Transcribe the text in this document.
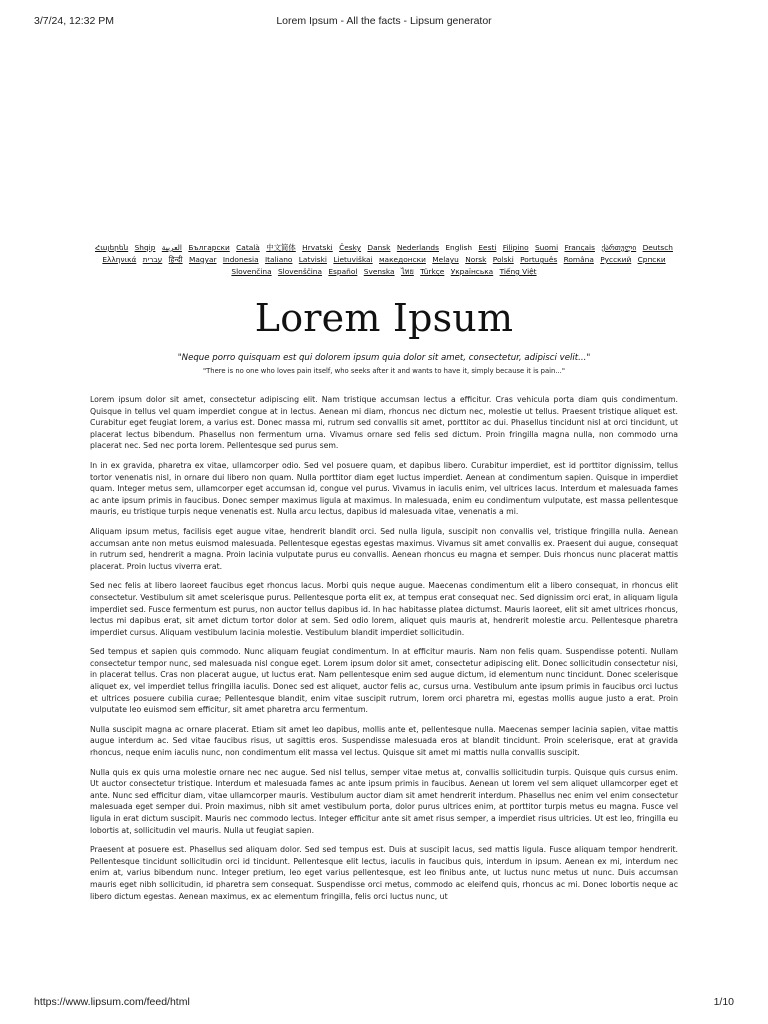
3/7/24, 12:32 PM	Lorem Ipsum - All the facts - Lipsum generator
Հայերեն Shqip العربية Български Català 中文简体 Hrvatski Česky Dansk Nederlands English Eesti Filipino Suomi Français ქართული Deutsch Ελληνικά עברית हिन्दी Magyar Indonesia Italiano Latviski Lietuviškai македонски Melayu Norsk Polski Português Româna Pyccкий Српски Slovenčina Slovenščina Español Svenska ไทย Türkçe Українська Tiếng Việt
Lorem Ipsum
"Neque porro quisquam est qui dolorem ipsum quia dolor sit amet, consectetur, adipisci velit..."
"There is no one who loves pain itself, who seeks after it and wants to have it, simply because it is pain..."

Lorem ipsum dolor sit amet, consectetur adipiscing elit. Nam tristique accumsan lectus a efficitur. Cras vehicula porta diam quis condimentum. Quisque in tellus vel quam imperdiet congue at in lectus. Aenean mi diam, rhoncus nec dictum nec, molestie ut tellus. Praesent tristique aliquet est. Curabitur eget feugiat lorem, a varius est. Donec massa mi, rutrum sed convallis sit amet, porttitor ac dui. Phasellus tincidunt nisl at orci tincidunt, ut placerat lectus bibendum. Phasellus non fermentum urna. Vivamus ornare sed felis sed dictum. Proin fringilla magna nulla, non commodo urna placerat nec. Sed nec porta lorem. Pellentesque sed purus sem.

In in ex gravida, pharetra ex vitae, ullamcorper odio. Sed vel posuere quam, et dapibus libero. Curabitur imperdiet, est id porttitor dignissim, tellus tortor venenatis nisl, in ornare dui libero non quam. Nulla porttitor diam eget luctus imperdiet. Aenean at condimentum sapien. Quisque in imperdiet quam. Integer metus sem, ullamcorper eget accumsan id, congue vel purus. Vivamus in iaculis enim, vel ultrices lacus. Interdum et malesuada fames ac ante ipsum primis in faucibus. Donec semper maximus ligula at maximus. In malesuada, enim eu condimentum vulputate, est massa pellentesque mauris, eu tristique turpis neque venenatis est. Nulla arcu lectus, dapibus id malesuada vitae, venenatis a mi.

Aliquam ipsum metus, facilisis eget augue vitae, hendrerit blandit orci. Sed nulla ligula, suscipit non convallis vel, tristique fringilla nulla. Aenean accumsan ante non metus euismod malesuada. Pellentesque egestas egestas maximus. Vivamus sit amet convallis ex. Praesent dui augue, consequat in rutrum sed, hendrerit a magna. Proin lacinia vulputate purus eu convallis. Aenean rhoncus eu magna et semper. Duis rhoncus nunc placerat mattis placerat. Proin luctus viverra erat.

Sed nec felis at libero laoreet faucibus eget rhoncus lacus. Morbi quis neque augue. Maecenas condimentum elit a libero consequat, in rhoncus elit consectetur. Vestibulum sit amet scelerisque purus. Pellentesque porta elit ex, at tempus erat consequat nec. Sed dignissim orci erat, in aliquam ligula imperdiet sed. Fusce fermentum est purus, non auctor tellus dapibus id. In hac habitasse platea dictumst. Mauris laoreet, elit sit amet ultrices rhoncus, lectus mi dapibus erat, sit amet dictum tortor dolor at sem. Sed odio lorem, aliquet quis mauris at, hendrerit molestie arcu. Pellentesque pharetra imperdiet cursus. Aliquam vestibulum lacinia molestie. Vestibulum blandit imperdiet sollicitudin.

Sed tempus et sapien quis commodo. Nunc aliquam feugiat condimentum. In at efficitur mauris. Nam non felis quam. Suspendisse potenti. Nullam consectetur tempor nunc, sed malesuada nisl congue eget. Lorem ipsum dolor sit amet, consectetur adipiscing elit. Donec sollicitudin consectetur nisi, in placerat tellus. Cras non placerat augue, ut luctus erat. Nam pellentesque enim sed augue dictum, id elementum nunc tincidunt. Donec scelerisque aliquet ex, vel imperdiet tellus fringilla iaculis. Donec sed est aliquet, auctor felis ac, cursus urna. Vestibulum ante ipsum primis in faucibus orci luctus et ultrices posuere cubilia curae; Pellentesque blandit, enim vitae suscipit rutrum, lorem orci pharetra mi, egestas mollis augue justo a erat. Proin vulputate leo euismod sem efficitur, sit amet pharetra arcu fermentum.

Nulla suscipit magna ac ornare placerat. Etiam sit amet leo dapibus, mollis ante et, pellentesque nulla. Maecenas semper lacinia sapien, vitae mattis augue interdum ac. Sed vitae faucibus risus, ut sagittis eros. Suspendisse malesuada eros at blandit tincidunt. Proin scelerisque, erat at gravida rhoncus, neque enim iaculis nunc, non condimentum elit massa vel lectus. Quisque sit amet mi mattis nulla convallis suscipit.

Nulla quis ex quis urna molestie ornare nec nec augue. Sed nisl tellus, semper vitae metus at, convallis sollicitudin turpis. Quisque quis cursus enim. Ut auctor consectetur tristique. Interdum et malesuada fames ac ante ipsum primis in faucibus. Aenean ut lorem vel sem aliquet ullamcorper eget et ante. Nunc sed efficitur diam, vitae ullamcorper mauris. Vestibulum auctor diam sit amet hendrerit interdum. Phasellus nec enim vel enim consectetur malesuada eget semper dui. Proin maximus, nibh sit amet vestibulum porta, dolor purus ultrices enim, at porttitor turpis metus eu magna. Fusce vel ligula in erat dictum suscipit. Mauris nec commodo lectus. Integer efficitur ante sit amet risus semper, a imperdiet risus ultricies. Ut est leo, fringilla eu lobortis at, sollicitudin vel mauris. Nulla ut feugiat sapien.

Praesent at posuere est. Phasellus sed aliquam dolor. Sed sed tempus est. Duis at suscipit lacus, sed mattis ligula. Fusce aliquam tempor hendrerit. Pellentesque tincidunt sollicitudin orci id tincidunt. Pellentesque elit lectus, iaculis in faucibus quis, interdum in ipsum. Aenean ex mi, interdum nec enim at, varius bibendum nunc. Integer pretium, leo eget varius pellentesque, est leo finibus ante, ut luctus nunc metus ut nunc. Duis accumsan mauris eget nibh sollicitudin, id pharetra sem consequat. Suspendisse orci metus, commodo ac eleifend quis, rhoncus ac mi. Donec lobortis neque ac libero dictum egestas. Aenean maximus, ex ac elementum fringilla, felis orci luctus nunc, ut

https://www.lipsum.com/feed/html	1/10
